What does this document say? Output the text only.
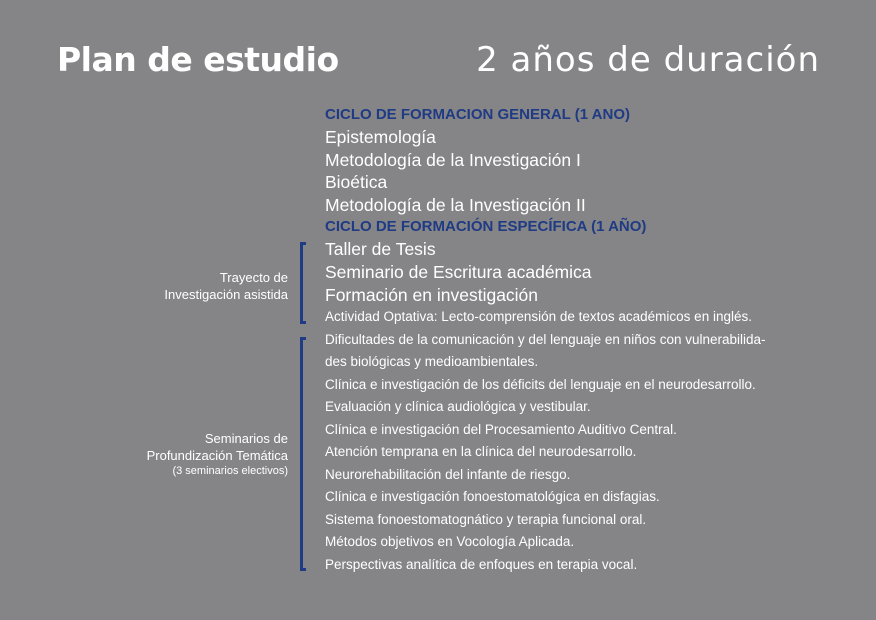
Plan de estudio	2 años de duración
CICLO DE FORMACION GENERAL (1 ANO)
Epistemología
Metodología de la Investigación I
Bioética
Metodología de la Investigación II
CICLO DE FORMACIÓN ESPECÍFICA (1 AÑO)
Taller de Tesis
Seminario de Escritura académica
Formación en investigación
Actividad Optativa: Lecto-comprensión de textos académicos en inglés.
Dificultades de la comunicación y del lenguaje en niños con vulnerabilida-
des biológicas y medioambientales.
Clínica e investigación de los déficits del lenguaje en el neurodesarrollo.
Evaluación y clínica audiológica y vestibular.
Clínica e investigación del Procesamiento Auditivo Central.
Atención temprana en la clínica del neurodesarrollo.
Neurorehabilitación del infante de riesgo.
Clínica e investigación fonoestomatológica en disfagias.
Sistema fonoestomatognático y terapia funcional oral.
Métodos objetivos en Vocología Aplicada.
Perspectivas analítica de enfoques en terapia vocal.
Trayecto de
Investigación asistida
Seminarios de
Profundización Temática
(3 seminarios electivos)
